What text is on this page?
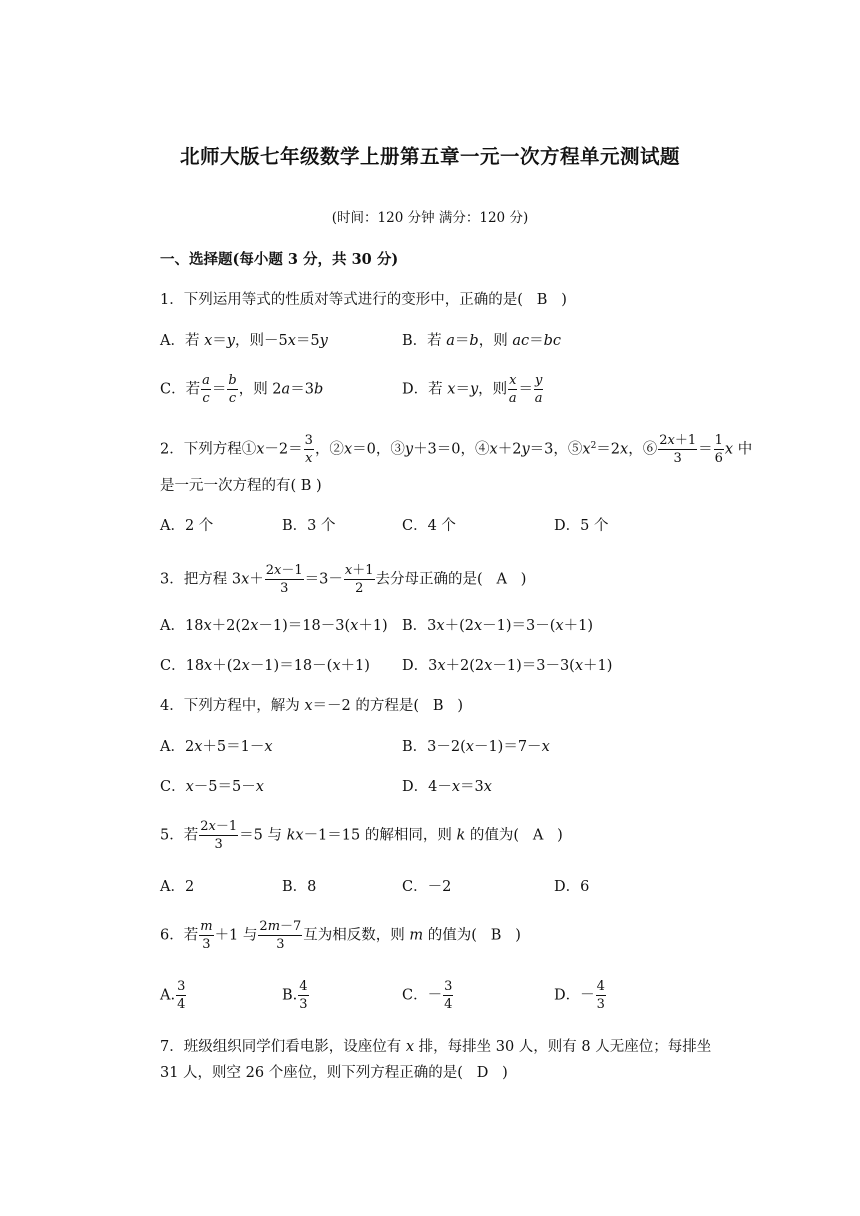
北师大版七年级数学上册第五章一元一次方程单元测试题
(时间：120 分钟 满分：120 分)
一、选择题(每小题 3 分，共 30 分)
1．下列运用等式的性质对等式进行的变形中，正确的是(   B   )
A．若 x＝y，则－5x＝5y	B．若 a＝b，则 ac＝bc
C．若 $\frac{a}{c} = \frac{b}{c}$ ，则 2a＝3b	D．若 x＝y，则 $\frac{x}{a} = \frac{y}{a}$
2．下列方程①x－2＝ $\frac{3}{x}$ ，②x＝0，③y＋3＝0，④x＋2y＝3，$⑤x^2=2x$，⑥ $\frac{2x+1}{3} = \frac{1}{6}$ x 中
是一元一次方程的有( B )
A．2 个	B．3 个	C．4 个	D．5 个
3．把方程 $3x+ \frac{2x-1}{3} =3- \frac{x+1}{2}$ 去分母正确的是(   A   )
A．18x＋2(2x－1)＝18－3(x＋1) B．3x＋(2x－1)＝3－(x＋1)
C．18x＋(2x－1)＝18－(x＋1) D．3x＋2(2x－1)＝3－3(x＋1)
4．下列方程中，解为 x＝－2 的方程是(   B   )
A．2x＋5＝1－x	B．3－2(x－1)＝7－x
C．x－5＝5－x	D．4－x＝3x
5．若 $\frac{2x-1}{3} =5$ 与 kx－1＝15 的解相同，则 k 的值为(   A   )
A．2	B．8	C．－2	D．6
6．若 $\frac{m}{3} +1$ 与 $\frac{2m-7}{3}$ 互为相反数，则 m 的值为(   B   )
A. $\frac{3}{4}$	B. $\frac{4}{3}$	C．－ $\frac{3}{4}$	D．－ $\frac{4}{3}$
7．班级组织同学们看电影，设座位有 x 排，每排坐 30 人，则有 8 人无座位；每排坐
31 人，则空 26 个座位，则下列方程正确的是(   D   )
